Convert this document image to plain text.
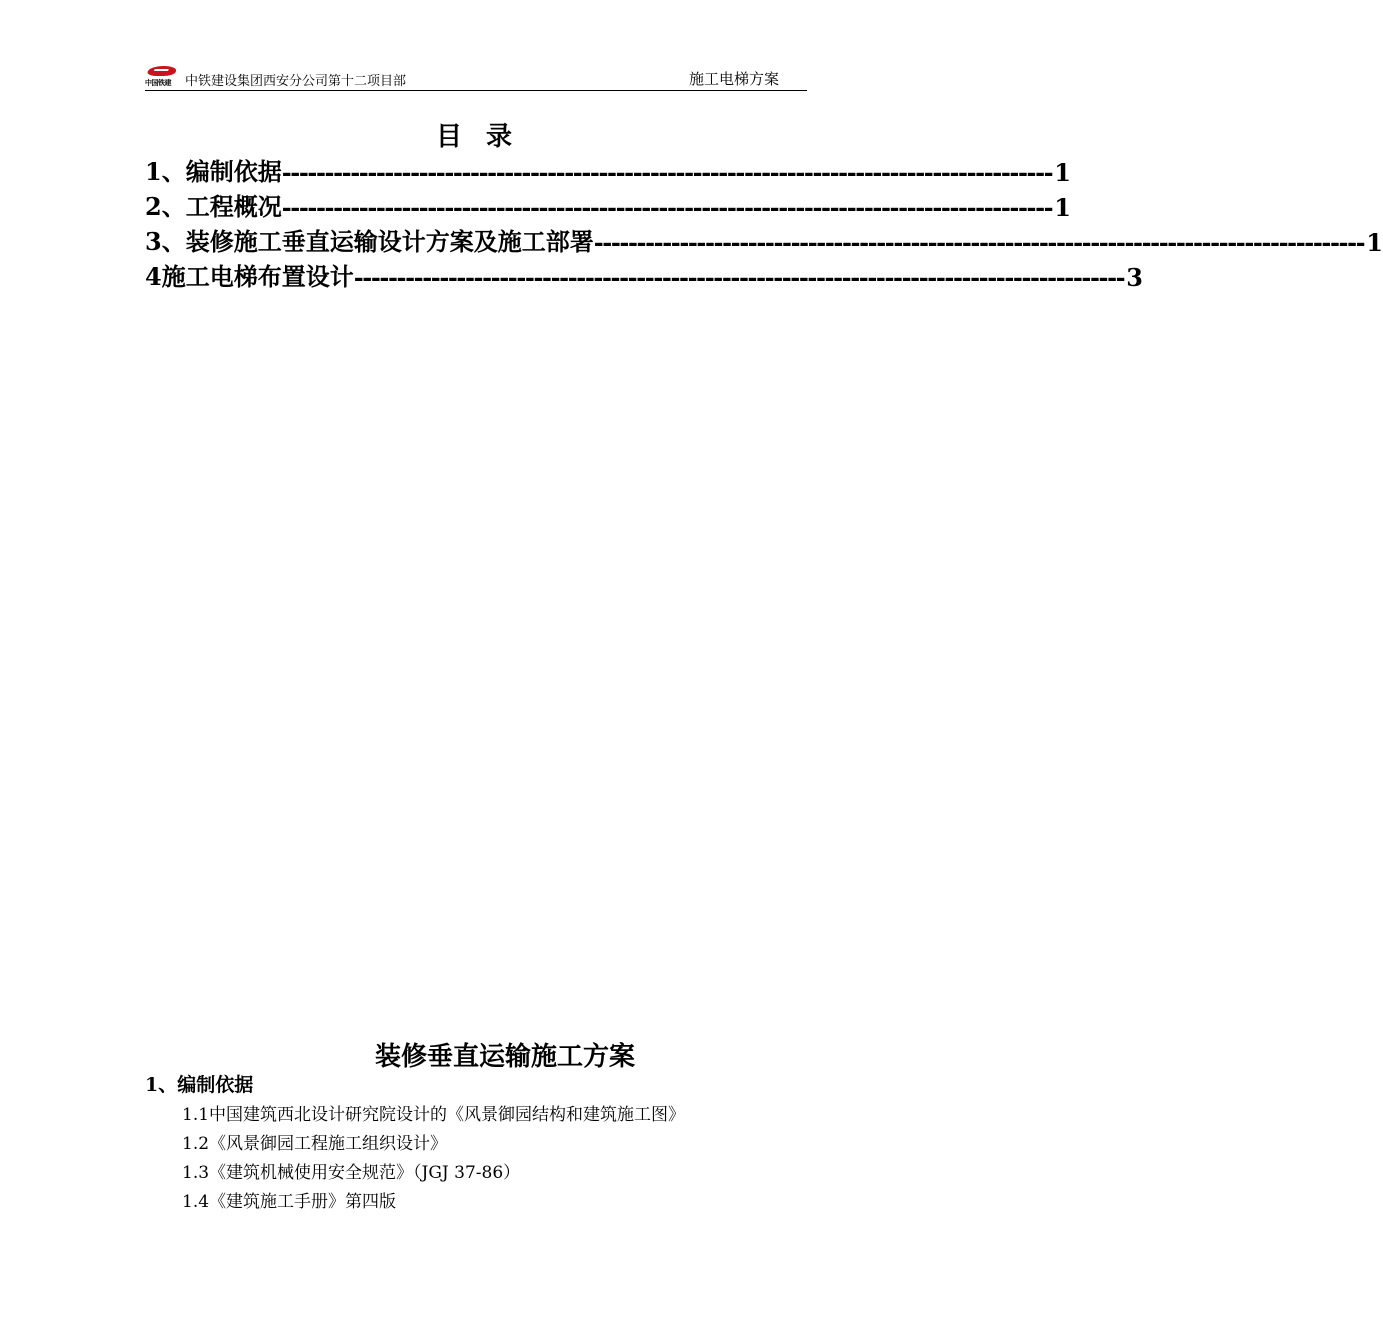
中国铁建 中铁建设集团西安分公司第十二项目部	施工电梯方案
目  录
1、编制依据 ------------------------------------------------------------------------------------------ 1
2、工程概况 ------------------------------------------------------------------------------------------ 1
3、装修施工垂直运输设计方案及施工部署 ------------------------------------------------------------------------------------------ 1
4施工电梯布置设计 ------------------------------------------------------------------------------------------ 3
装修垂直运输施工方案
1、编制依据
1.1中国建筑西北设计研究院设计的《风景御园结构和建筑施工图》
1.2《风景御园工程施工组织设计》
1.3《建筑机械使用安全规范》（JGJ 37-86）
1.4《建筑施工手册》第四版
